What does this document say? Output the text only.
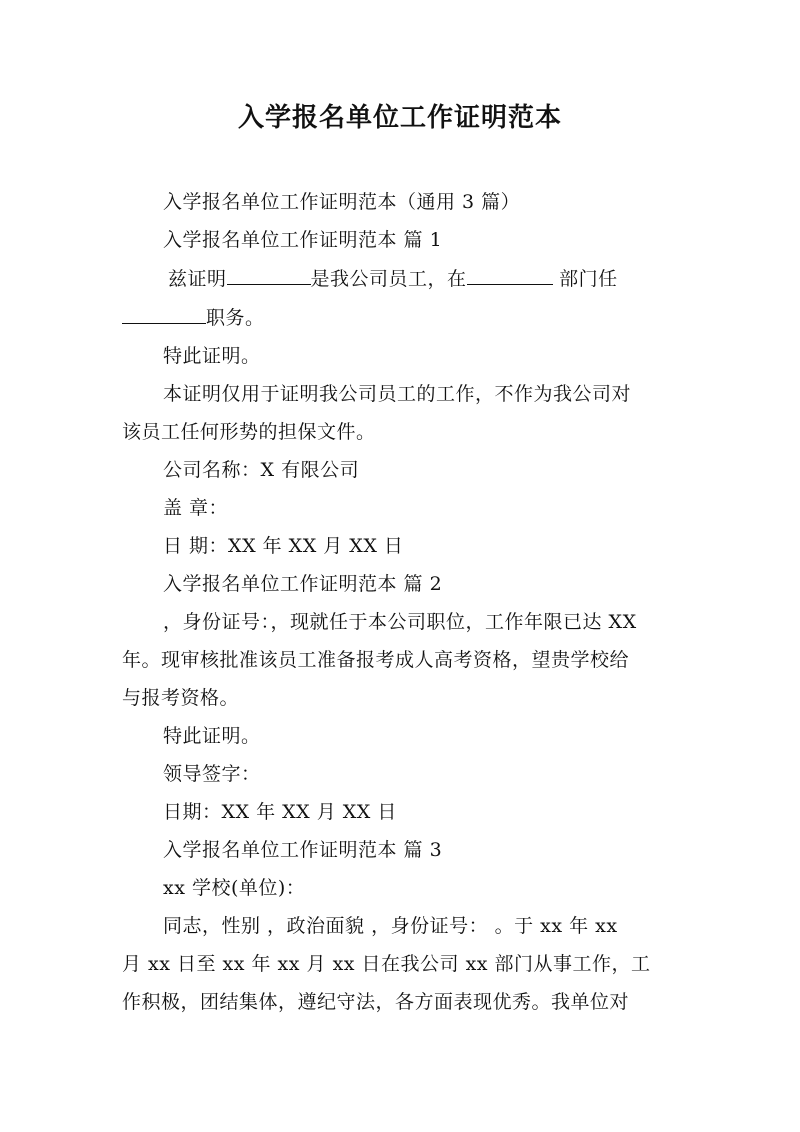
入学报名单位工作证明范本
入学报名单位工作证明范本（通用 3 篇）
入学报名单位工作证明范本 篇 1
兹证明	是我公司员工，在	部门任
职务。
特此证明。
本证明仅用于证明我公司员工的工作，不作为我公司对
该员工任何形势的担保文件。
公司名称：X 有限公司
盖 章：
日 期：XX 年 XX 月 XX 日
入学报名单位工作证明范本 篇 2
，身份证号：，现就任于本公司职位，工作年限已达 XX
年。现审核批准该员工准备报考成人高考资格，望贵学校给
与报考资格。
特此证明。
领导签字：
日期：XX 年 XX 月 XX 日
入学报名单位工作证明范本 篇 3
xx 学校(单位)：
同志，性别 ，政治面貌 ，身份证号： 。于 xx 年 xx
月 xx 日至 xx 年 xx 月 xx 日在我公司 xx 部门从事工作，工
作积极，团结集体，遵纪守法，各方面表现优秀。我单位对
